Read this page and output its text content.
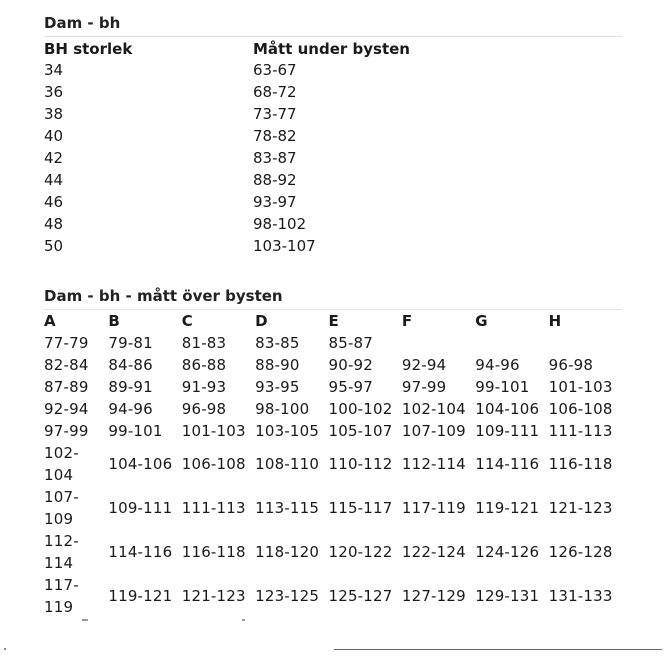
Dam - bh
BH storlek	Mått under bysten
34	63-67
36	68-72
38	73-77
40	78-82
42	83-87
44	88-92
46	93-97
48	98-102
50	103-107
Dam - bh - mått över bysten
A	B	C	D	E	F	G	H
77-79	79-81	81-83	83-85	85-87			
82-84	84-86	86-88	88-90	90-92	92-94	94-96	96-98
87-89	89-91	91-93	93-95	95-97	97-99	99-101	101-103
92-94	94-96	96-98	98-100	100-102	102-104	104-106	106-108
97-99	99-101	101-103	103-105	105-107	107-109	109-111	111-113
102-
104	104-106	106-108	108-110	110-112	112-114	114-116	116-118
107-
109	109-111	111-113	113-115	115-117	117-119	119-121	121-123
112-
114	114-116	116-118	118-120	120-122	122-124	124-126	126-128
117-
119	119-121	121-123	123-125	125-127	127-129	129-131	131-133
